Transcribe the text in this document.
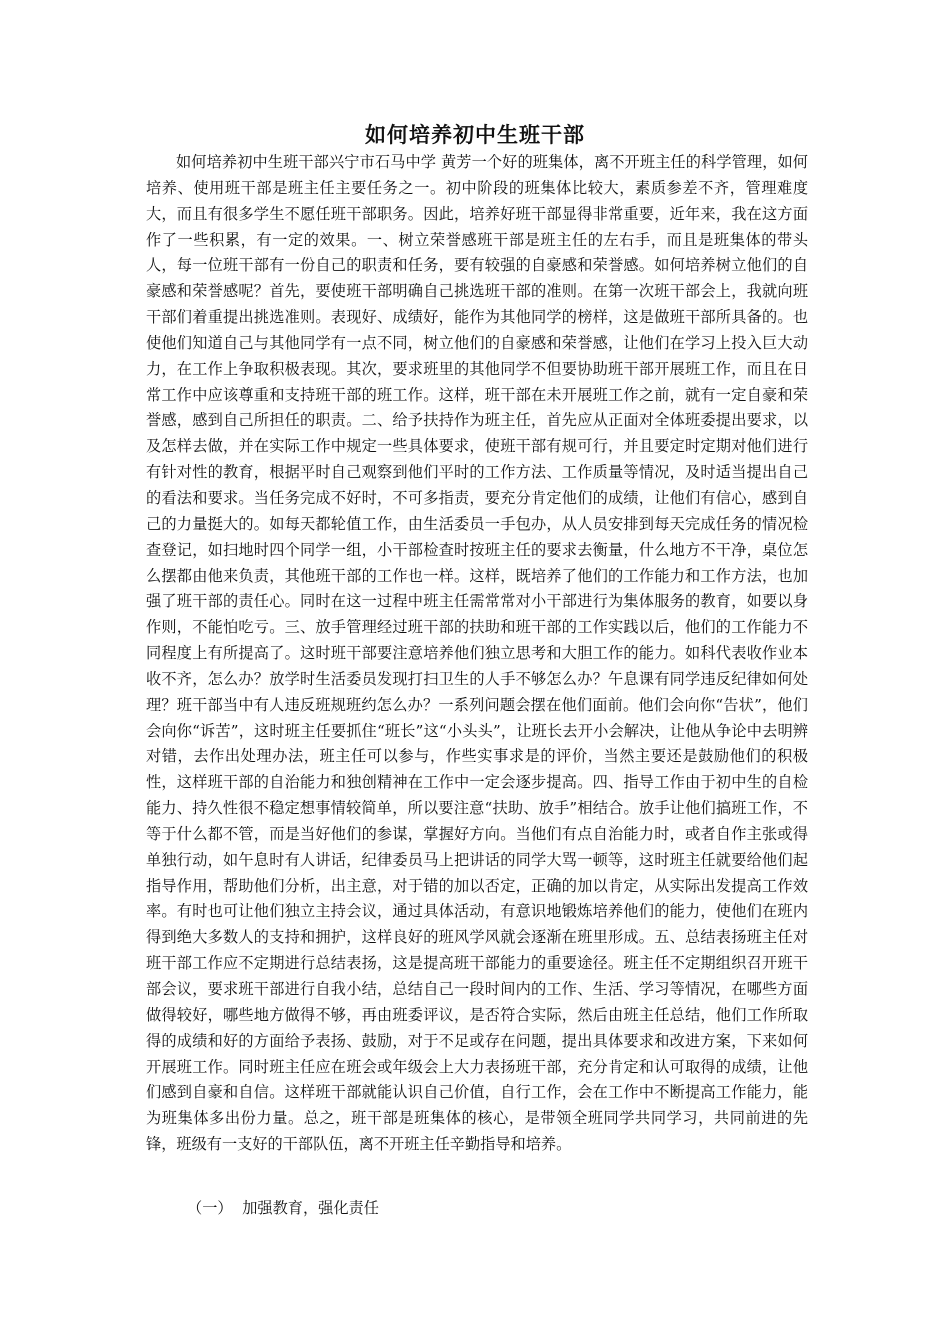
如何培养初中生班干部

如何培养初中生班干部兴宁市石马中学 黄芳一个好的班集体，离不开班主任的科学管理，如何培养、使用班干部是班主任主要任务之一。初中阶段的班集体比较大，素质参差不齐，管理难度大，而且有很多学生不愿任班干部职务。因此，培养好班干部显得非常重要，近年来，我在这方面作了一些积累，有一定的效果。一、树立荣誉感班干部是班主任的左右手，而且是班集体的带头人，每一位班干部有一份自己的职责和任务，要有较强的自豪感和荣誉感。如何培养树立他们的自豪感和荣誉感呢？首先，要使班干部明确自己挑选班干部的准则。在第一次班干部会上，我就向班干部们着重提出挑选准则。表现好、成绩好，能作为其他同学的榜样，这是做班干部所具备的。也使他们知道自己与其他同学有一点不同，树立他们的自豪感和荣誉感，让他们在学习上投入巨大动力，在工作上争取积极表现。其次，要求班里的其他同学不但要协助班干部开展班工作，而且在日常工作中应该尊重和支持班干部的班工作。这样，班干部在未开展班工作之前，就有一定自豪和荣誉感，感到自己所担任的职责。二、给予扶持作为班主任，首先应从正面对全体班委提出要求，以及怎样去做，并在实际工作中规定一些具体要求，使班干部有规可行，并且要定时定期对他们进行有针对性的教育，根据平时自己观察到他们平时的工作方法、工作质量等情况，及时适当提出自己的看法和要求。当任务完成不好时，不可多指责，要充分肯定他们的成绩，让他们有信心，感到自己的力量挺大的。如每天都轮值工作，由生活委员一手包办，从人员安排到每天完成任务的情况检查登记，如扫地时四个同学一组，小干部检查时按班主任的要求去衡量，什么地方不干净，桌位怎么摆都由他来负责，其他班干部的工作也一样。这样，既培养了他们的工作能力和工作方法，也加强了班干部的责任心。同时在这一过程中班主任需常常对小干部进行为集体服务的教育，如要以身作则，不能怕吃亏。三、放手管理经过班干部的扶助和班干部的工作实践以后，他们的工作能力不同程度上有所提高了。这时班干部要注意培养他们独立思考和大胆工作的能力。如科代表收作业本收不齐，怎么办？放学时生活委员发现打扫卫生的人手不够怎么办？午息课有同学违反纪律如何处理？班干部当中有人违反班规班约怎么办？一系列问题会摆在他们面前。他们会向你“告状”，他们会向你“诉苦”，这时班主任要抓住“班长”这“小头头”，让班长去开小会解决，让他从争论中去明辨对错，去作出处理办法，班主任可以参与，作些实事求是的评价，当然主要还是鼓励他们的积极性，这样班干部的自治能力和独创精神在工作中一定会逐步提高。四、指导工作由于初中生的自检能力、持久性很不稳定想事情较简单，所以要注意“扶助、放手”相结合。放手让他们搞班工作，不等于什么都不管，而是当好他们的参谋，掌握好方向。当他们有点自治能力时，或者自作主张或得单独行动，如午息时有人讲话，纪律委员马上把讲话的同学大骂一顿等，这时班主任就要给他们起指导作用，帮助他们分析，出主意，对于错的加以否定，正确的加以肯定，从实际出发提高工作效率。有时也可让他们独立主持会议，通过具体活动，有意识地锻炼培养他们的能力，使他们在班内得到绝大多数人的支持和拥护，这样良好的班风学风就会逐渐在班里形成。五、总结表扬班主任对班干部工作应不定期进行总结表扬，这是提高班干部能力的重要途径。班主任不定期组织召开班干部会议，要求班干部进行自我小结，总结自己一段时间内的工作、生活、学习等情况，在哪些方面做得较好，哪些地方做得不够，再由班委评议，是否符合实际，然后由班主任总结，他们工作所取得的成绩和好的方面给予表扬、鼓励，对于不足或存在问题，提出具体要求和改进方案，下来如何开展班工作。同时班主任应在班会或年级会上大力表扬班干部，充分肯定和认可取得的成绩，让他们感到自豪和自信。这样班干部就能认识自己价值，自行工作，会在工作中不断提高工作能力，能为班集体多出份力量。总之，班干部是班集体的核心，是带领全班同学共同学习，共同前进的先锋，班级有一支好的干部队伍，离不开班主任辛勤指导和培养。

（一）  加强教育，强化责任
